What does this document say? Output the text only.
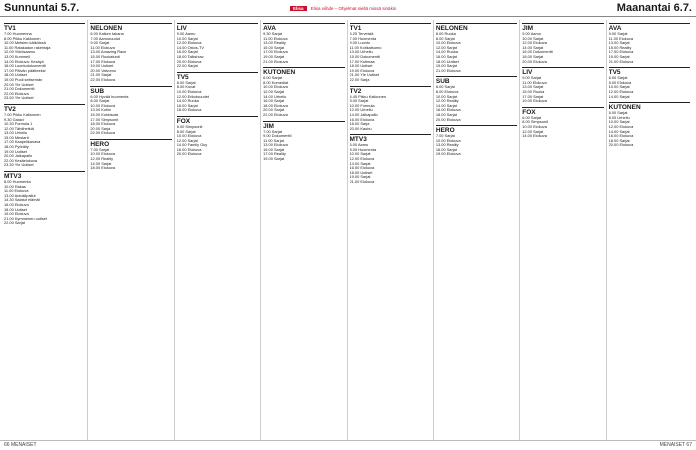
Sunnuntai 5.7.	Elisa Elisa viihde – Ohjelmat siellä missä sinäkin	Maanantai 6.7.
TV1
7.00 Huomenna
8.00 Pikku Kakkonen
10.00 Metsien kätköissä
11.00 Ratakadun rakentaja
12.00 Ykkösaamu
13.00 Kummeli
14.00 Elokuva: Kesäyö
16.00 Luontodokumentti
17.00 Päivän päätteeksi
18.00 Uutiset
19.00 Puoli seitsemän
20.00 Yle Uutiset
21.00 Dokumentti
22.00 Elokuva
23.50 Yle Uutiset
TV2
7.00 Pikku Kakkonen
9.30 Galaxi
10.30 Formula 1
12.00 Tähtihetkiä
13.00 Urheilu
15.00 Mestarit
17.00 Kaapelikanava
18.00 Pyöräily
19.00 Uutiset
20.00 Jalkapallo
22.00 Kesäelokuva
23.30 Yle Uutiset
MTV3
8.00 Huomenta
10.00 Rakas
11.00 Elokuva
13.00 Autokilpailut
14.30 Salatut elämät
16.00 Elokuva
18.00 Uutiset
19.00 Elokuva
21.00 Kymmenen uutiset
22.00 Sarjat
NELONEN
6.00 Kaiken takana
7.00 Aamuruudut
9.00 Sarjat
11.00 Elokuva
13.00 Amazing Race
15.00 Ruokatunti
17.00 Elokuva
19.00 Uutiset
20.00 Valvomo
21.00 Sarjat
22.00 Elokuva
SUB
6.00 Hyvää huomenta
8.00 Sarjat
10.00 Elokuva
13.00 Kotiin
15.00 Kokkisota
17.00 Simpsonit
18.00 Elokuva
20.00 Sarja
22.00 Elokuva
HERO
7.00 Sarjat
10.00 Elokuva
12.00 Reality
14.00 Sarjat
18.00 Elokuva
LIV
9.00 Aamu
10.00 Sarjat
12.00 Elokuva
14.00 Ostos-TV
16.00 Sarjat
18.00 Talkshow
20.00 Elokuva
22.00 Sarjat
TV5
6.00 Sarjat
8.00 Kovat
10.00 Elokuva
12.00 Erikoisuudet
14.00 Ruoka
16.00 Sarjat
18.00 Elokuva
FOX
6.00 Simpsonit
8.00 Sarjat
10.00 Elokuva
12.00 Sarjat
14.00 Family Guy
16.00 Elokuva
20.00 Elokuva
AVA
9.30 Sarjat
11.00 Elokuva
13.00 Reality
15.00 Sarjat
17.00 Elokuva
19.00 Sarjat
21.00 Elokuva
KUTONEN
6.00 Sarjat
8.00 Komediat
10.00 Elokuva
12.00 Sarjat
14.00 Urheilu
16.00 Sarjat
18.00 Elokuva
20.00 Sarjat
22.00 Elokuva
JIM
7.00 Sarjat
9.00 Dokumentti
11.00 Sarjat
13.00 Elokuva
15.00 Sarjat
17.00 Reality
19.00 Sarjat
TV1
6.25 Terveisiä
7.00 Huomenta
9.00 Luonto
11.00 Kotikatsomo
13.00 Urheilu
15.00 Dokumentti
17.00 Kotimaa
18.00 Uutiset
19.00 Elokuva
21.00 Yle Uutiset
22.00 Sarja
TV2
6.45 Pikku Kakkonen
8.00 Sarjat
10.00 Formula
12.00 Urheilu
14.00 Jalkapallo
16.00 Elokuva
18.00 Sarja
20.00 Kauhu
MTV3
6.00 Aamu
8.00 Huomenta
10.00 Sarjat
12.00 Elokuva
14.00 Sarjat
16.00 Elokuva
18.00 Uutiset
19.00 Sarjat
21.00 Elokuva
NELONEN
6.00 Ruoka
8.00 Sarjat
10.00 Elokuva
12.00 Sarjat
14.00 Ruoka
16.00 Sarjat
18.00 Uutiset
19.00 Sarjat
21.00 Elokuva
SUB
6.00 Sarjat
8.00 Elokuva
10.00 Sarjat
12.00 Reality
14.00 Sarjat
16.00 Elokuva
18.00 Sarjat
20.00 Elokuva
HERO
7.00 Sarjat
10.00 Elokuva
13.00 Reality
16.00 Sarjat
19.00 Elokuva
JIM
9.00 Aamu
10.00 Sarjat
12.00 Elokuva
14.00 Sarjat
16.00 Dokumentti
18.00 Sarjat
20.00 Elokuva
LIV
9.00 Sarjat
11.00 Elokuva
13.00 Sarjat
15.00 Ruoka
17.00 Sarjat
19.00 Elokuva
FOX
6.00 Sarjat
8.00 Simpsonit
10.00 Elokuva
12.00 Sarjat
14.00 Elokuva
AVA
9.00 Sarjat
11.00 Elokuva
13.00 Sarjat
15.00 Reality
17.00 Elokuva
19.00 Sarjat
21.00 Elokuva
TV5
6.00 Sarjat
8.00 Elokuva
10.00 Sarjat
12.00 Elokuva
14.00 Sarjat
KUTONEN
6.00 Sarjat
8.00 Urheilu
10.00 Sarjat
12.00 Elokuva
14.00 Sarjat
16.00 Elokuva
18.00 Sarjat
20.00 Elokuva
66 MENAISET	MENAISET 67
